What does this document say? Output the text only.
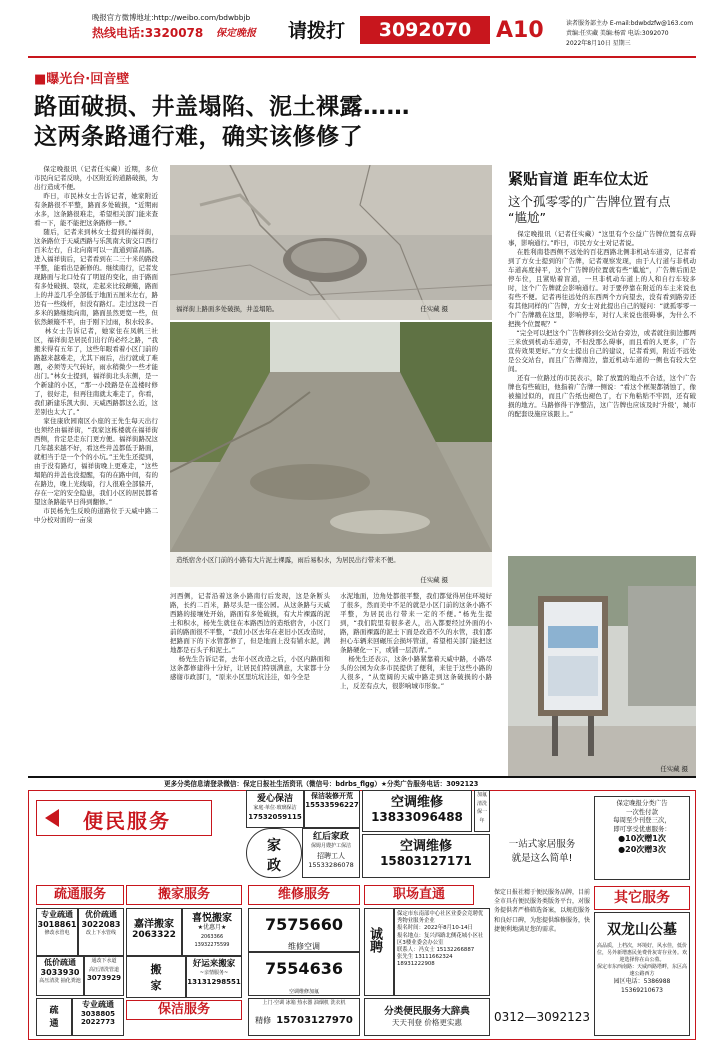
晚报官方微博地址:http://weibo.com/bdwbbjb
热线电话:3320078 保定晚报 请拨打	3092070	A10	读者服务部主办 E-mail:bdwbdzfw@163.com
责编:任实藏 美编:杨雷 电话:3092070
2022年8月10日 星期三
■曝光台·回音壁
路面破损、井盖塌陷、泥土裸露……
这两条路通行难，确实该修修了
保定晚报讯（记者任实藏）近期，多位市民向记者反映，小区附近的道路破损，为出行造成不便。
昨日，市民林女士告诉记者，她家附近有条路很不平整，路面多处破损，“近期雨水多，这条路很难走，希望相关部门能来查看一下，能不能把这条路修一修。”
随后，记者来到林女士提到的福祥街，这条路位于天威西路与乐凯南大街交口西行百米左右，自北向南可以一直通到富昌路。进入福祥街后，记者看到在二三十米的路段平整，能看出是新修的。继续南行，记者发现路面与北口处有了明显的变化，由于路面有多处破损、裂纹，走起来比较颠簸，路面上的井盖几乎全部低于地面五厘米左右，路边有一些线杆，但没有路灯。走过这段一百多米的路继续向南，路面虽然更宽一些，但依然颠簸不平，由于刚下过雨，积水较多。
林女士告诉记者，她家住在凤帆三社区，福祥街是居民们出行的必经之路，“我搬来得有五年了，这些年眼看着小区门前的路越来越难走，尤其下雨后，出行就成了难题，必须等天气转好，雨水稍微少一些才能出门。”林女士提到，福祥街北头东侧，是一个新建的小区，“那一小段路是在盖楼时修了，很好走，但再往南就太难走了，你看，我们新建乐凯大街、天威西路都这么近，这差别也太大了。”
家住康欣园南区小座的王先生每天出行也须经由福祥街，“我家这栋楼就在福祥街西侧，肯定是走东门更方便。福祥街路况这几年越来越不好，看这些井盖都低于路面，就相当于是一个个的小坑。”王先生还提到，由于没有路灯，福祥街晚上更难走，“这些塌陷的井盖也没提醒，有的在路中间，有的在路边，晚上光线暗，行人很难全部躲开，存在一定的安全隐患，我们小区的居民都希望这条路能早日得到翻修。”
市民杨先生反映的道路位于天威中路二中分校对面的一亩泉
河西侧，记者沿着这条小路南行后发现，这是条断头路，长约二百米，路尽头是一座公园。从这条路与天威西路的接壤处开始，路面有多处破损，有大片裸露的泥土和积水，杨先生就住在本路西边的造纸宿舍，小区门前的路面很不平整，“我们小区去年在老旧小区改造时，把路面下的下水管都修了，但是地面上没有铺水泥，满地都是石头子和泥土。”
杨先生告诉记者，去年小区改造之后，小区内路面和这条都修建得十分好，让居民们特别满意，大家都十分感谢市政部门，“原来小区里坑坑洼洼，如今全是
水泥地面，边角处都很平整，我们都觉得居住环境好了很多，然而美中不足的就是小区门前的这条小路不平整，为居民出行带来一定的不便。”杨先生提到，“我们院里有很多老人，出入都要经过外面的小路，路面裸露的泥土下面是改造不久的水管，我们都担心车辆来回碾压会损坏管道，希望相关部门能把这条路硬化一下，或铺一层沥青。”
杨先生还表示，这条小路紧靠着天威中路，小路尽头的公园为众多市民提供了便利，来往于这些小路的人很多，“从宽阔的天威中路走到这条破损的小路上，反差有点大，很影响城市形象。”
福祥街上路面多处破损，井盖塌陷。	任实藏 摄
造纸宿舍小区门前的小路有大片泥土裸露，雨后易积水，为居民出行带来不便。
任实藏 摄
紧贴盲道 距车位太近
这个孤零零的广告牌位置有点
“尴尬”
保定晚报讯（记者任实藏）“这里有个公益广告牌位置有点碍事，影响通行。”昨日，市民方女士对记者说。
在胜利南巷西侧不远处的百花西路北侧非机动车道旁，记者看到了方女士提到的广告牌，记者观察发现，由于人行道与非机动车道高度持平，这个广告牌的位置就有些“尴尬”，广告牌后面是停车位，且紧贴着盲道，一旦非机动车道上的人和自行车较多时，这个广告牌就会影响通行。对于要停靠在附近的车主来说也有些不便。记者再往远处的东西两个方向望去，没有看到路旁还有其他同样的广告牌，方女士对此提出自己的疑问：“就孤零零一个广告牌戳在这里，影响停车，对行人来说也很碍事，为什么不把换个位置呢？”
“完全可以把这个广告牌移到公交站台旁边，或者就往街边挪两三米放到机动车道旁，不但没那么碍事，而且看的人更多，广告宣传效果更好。”方女士提出自己的建议，记者看到，附近不远处是公交站台，而且广告牌南边，靠近机动车道的一侧也有较大空间。
还有一位路过的市民表示，除了放置的地点不合适，这个广告牌也有些破旧，他指着广告牌一侧说：“看这个框架都锈蚀了，像被撞过似的，而且广告纸也褪色了，右下角粘贴不牢固，还有破损的地方。马路修得干净整洁，这广告牌也应该及时‘升级’，城市的配套设施应该跟上。”
任实藏 摄
更多分类信息请登录微信：保定日报社生活资讯（微信号：bdrbs_flgg）★分类广告服务电话：3092123
便民服务
疏通服务	搬家服务	维修服务	职场直通
保洁服务
其它服务
保定晚报分类广告
一次性付款
每周至少刊登三次，
即可享受优惠服务：
●10次赠1次
●20次赠3次
爱心保洁
家庭·单位·玻璃保洁
17532059115
保洁装修开荒
15533596227
家
政
红后家政
保姆月嫂护工保洁
招聘工人
15533286078
空调维修
13833096488
加氟清洗
保一年
空调维修
15803127171
一站式家居服务
就是这么简单!
保定日报社精于便民服务品牌，目前全市具有便民服务类版务平台，对服务提供者严格筛选备案，以规范服务和良好口碑，为您提供维修服务，快捷便利地满足您的需求。
专业疏通
3018861
修改水管电
优价疏通
3022083
改上下水管线
嘉洋搬家
2063322
喜悦搬家
★优惠月★
2063366 13932275599
低价疏通
3033930
高压清洗 抽化粪池
通改下水道
高压清洗管道
3073929
搬
家
好运来搬家
~亲情服务~
13131298551
疏
通
专业疏通
3038805
2022773
7575660 维修空调
7554636 空调维修加氟
上门·空调 冰箱 热水器 油烟机 洗衣机
精修 15703127970
诚聘
保定市东南部中心社区业委会竞聘优秀物业服务企业
报名时间：2022年8月10-14日
报名地点：复兴西路北侧花城小区社区3楼业委会办公室
联系人：冯女士 15132266887
张先生 13111662324 18931222908
分类便民服务大辞典
天天刊登 价格更实惠	0312—3092123
双龙山公墓
高品质，上档次，环境好，风水佳，低价位，另外新增惠民免费骨灰寄存业务。欢迎选择你在山公墓。
保定市东西南路：天威西路塔畔，东区高速公路西方
园区电话：5386988
15369210673
